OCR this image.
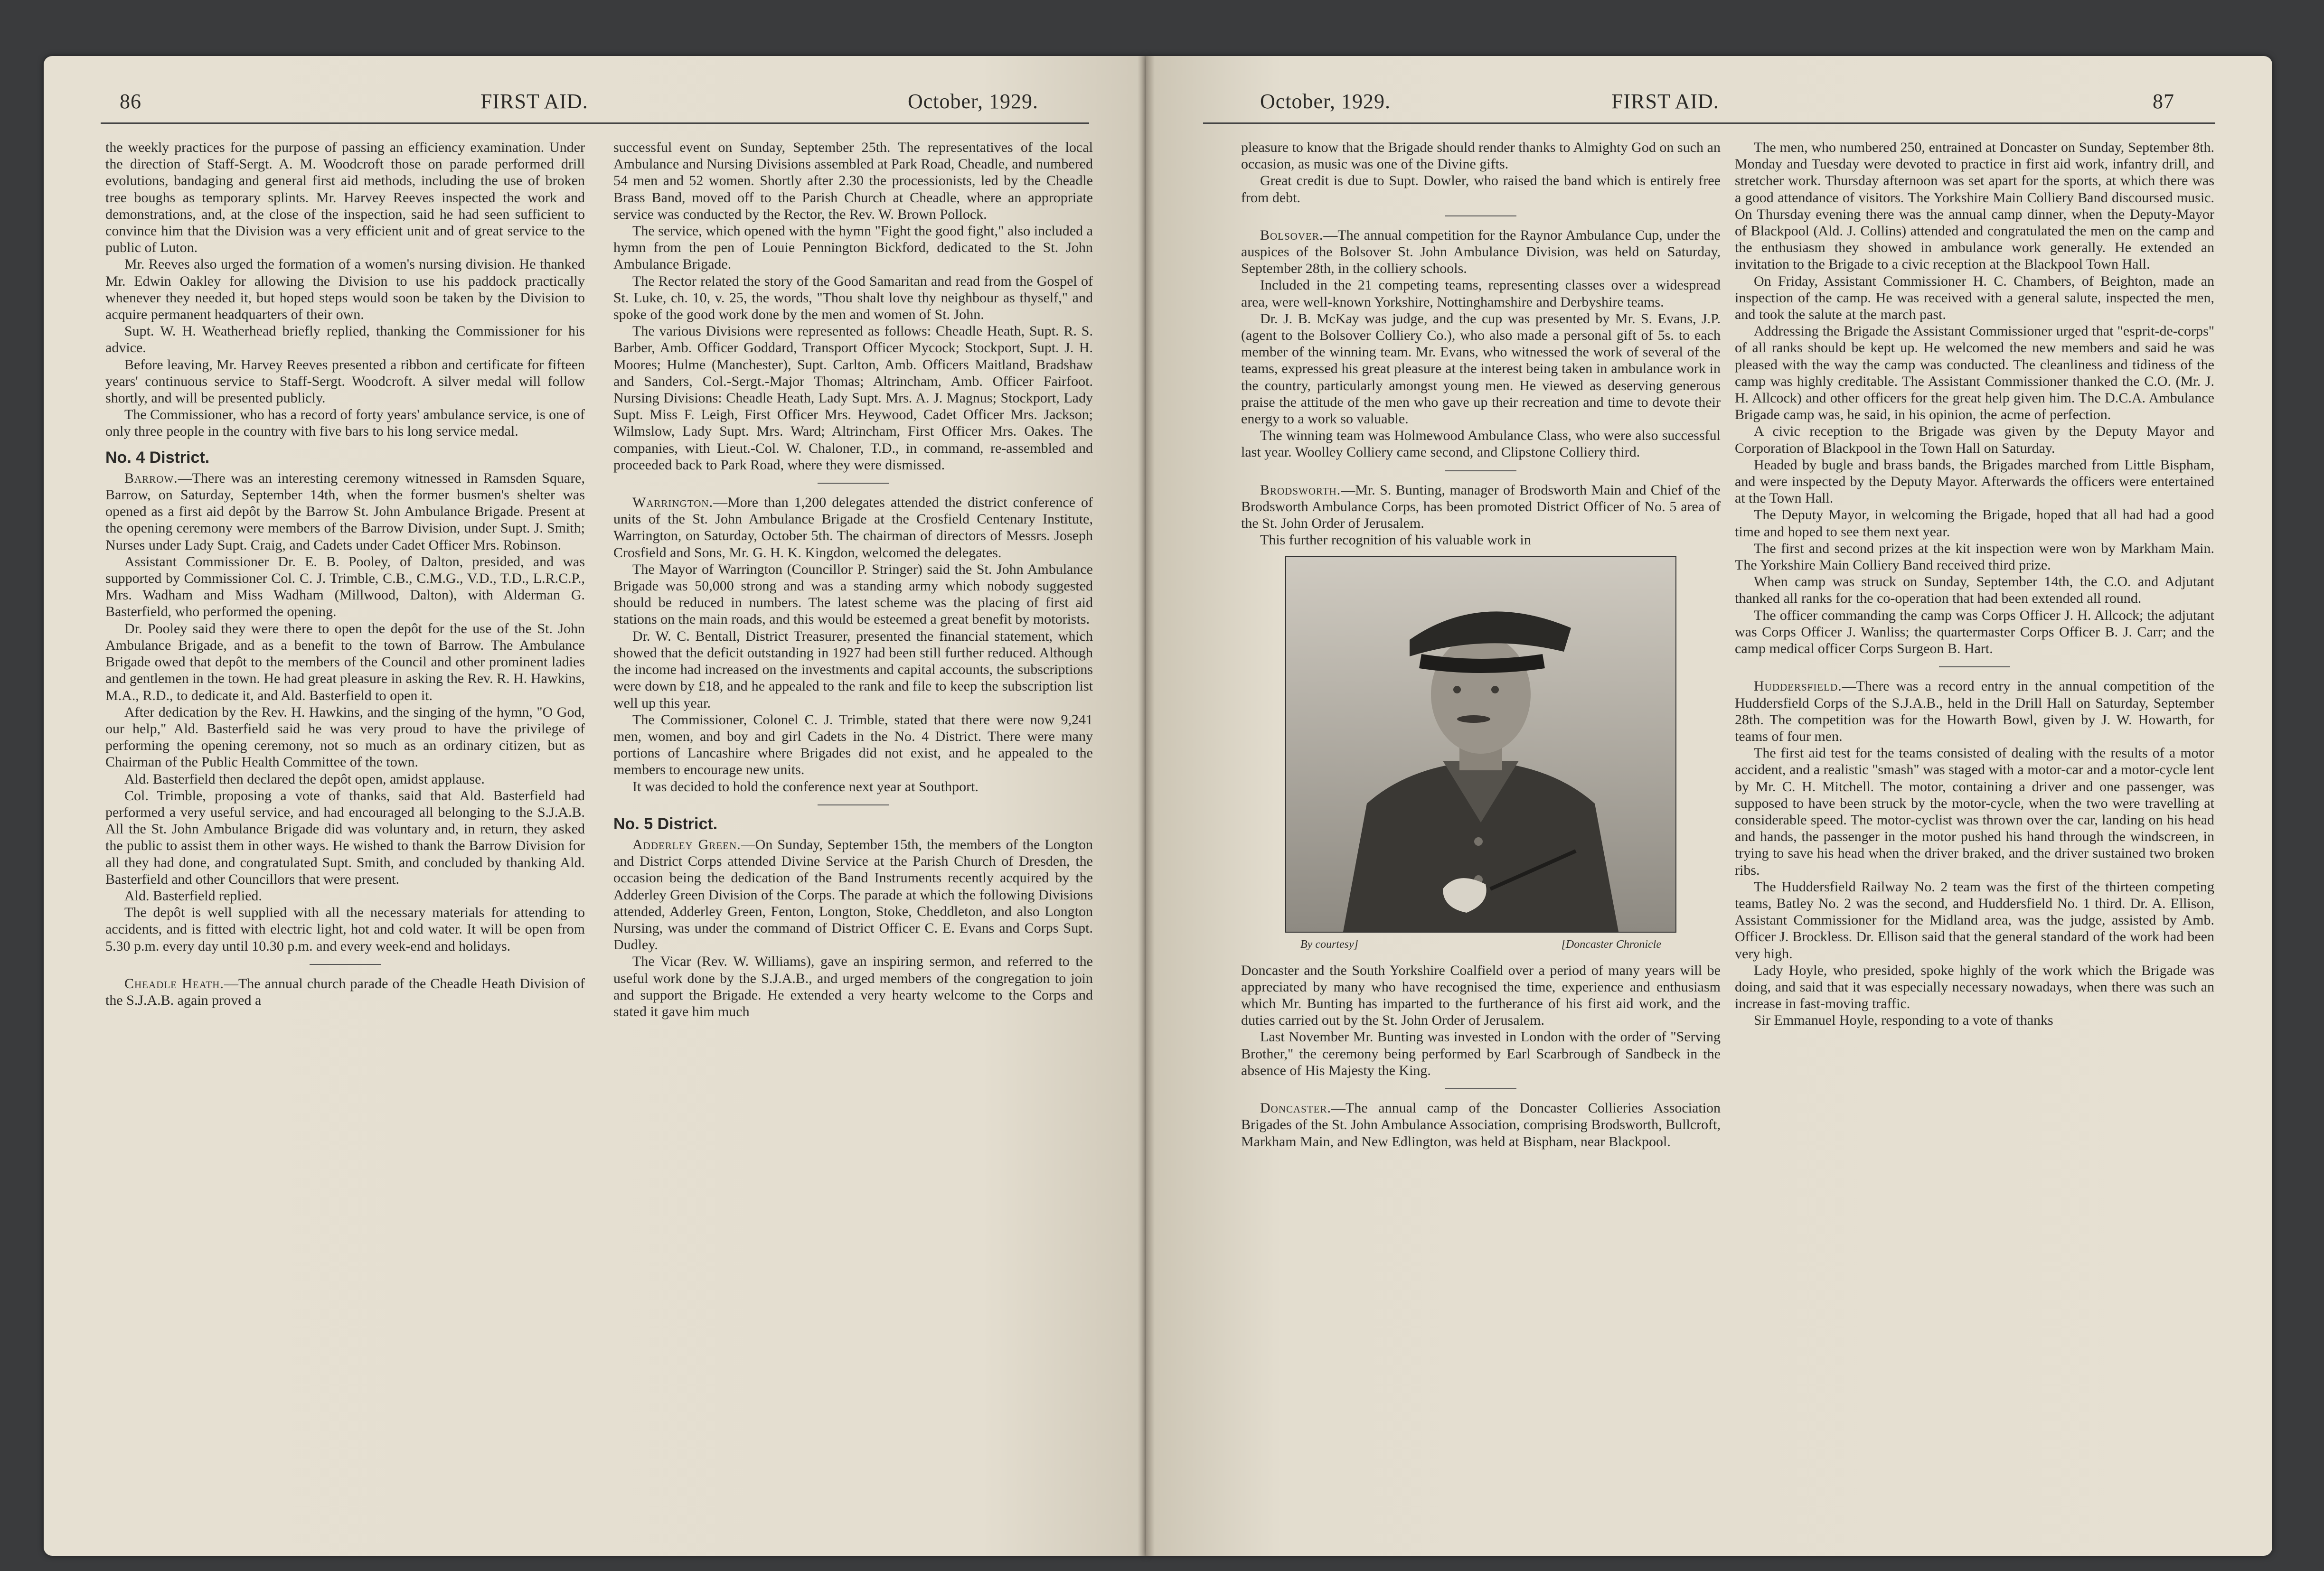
86	FIRST AID.	October, 1929.

the weekly practices for the purpose of passing an efficiency examination. Under the direction of Staff-Sergt. A. M. Woodcroft those on parade performed drill evolutions, bandaging and general first aid methods, including the use of broken tree boughs as temporary splints. Mr. Harvey Reeves inspected the work and demonstrations, and, at the close of the inspection, said he had seen sufficient to convince him that the Division was a very efficient unit and of great service to the public of Luton.

Mr. Reeves also urged the formation of a women's nursing division. He thanked Mr. Edwin Oakley for allowing the Division to use his paddock practically whenever they needed it, but hoped steps would soon be taken by the Division to acquire permanent headquarters of their own.

Supt. W. H. Weatherhead briefly replied, thanking the Commissioner for his advice.

Before leaving, Mr. Harvey Reeves presented a ribbon and certificate for fifteen years' continuous service to Staff-Sergt. Woodcroft. A silver medal will follow shortly, and will be presented publicly.

The Commissioner, who has a record of forty years' ambulance service, is one of only three people in the country with five bars to his long service medal.

No. 4 District.

Barrow.—There was an interesting ceremony witnessed in Ramsden Square, Barrow, on Saturday, September 14th, when the former busmen's shelter was opened as a first aid depôt by the Barrow St. John Ambulance Brigade. Present at the opening ceremony were members of the Barrow Division, under Supt. J. Smith; Nurses under Lady Supt. Craig, and Cadets under Cadet Officer Mrs. Robinson.

Assistant Commissioner Dr. E. B. Pooley, of Dalton, presided, and was supported by Commissioner Col. C. J. Trimble, C.B., C.M.G., V.D., T.D., L.R.C.P., Mrs. Wadham and Miss Wadham (Millwood, Dalton), with Alderman G. Basterfield, who performed the opening.

Dr. Pooley said they were there to open the depôt for the use of the St. John Ambulance Brigade, and as a benefit to the town of Barrow. The Ambulance Brigade owed that depôt to the members of the Council and other prominent ladies and gentlemen in the town. He had great pleasure in asking the Rev. R. H. Hawkins, M.A., R.D., to dedicate it, and Ald. Basterfield to open it.

After dedication by the Rev. H. Hawkins, and the singing of the hymn, "O God, our help," Ald. Basterfield said he was very proud to have the privilege of performing the opening ceremony, not so much as an ordinary citizen, but as Chairman of the Public Health Committee of the town.

Ald. Basterfield then declared the depôt open, amidst applause.

Col. Trimble, proposing a vote of thanks, said that Ald. Basterfield had performed a very useful service, and had encouraged all belonging to the S.J.A.B. All the St. John Ambulance Brigade did was voluntary and, in return, they asked the public to assist them in other ways. He wished to thank the Barrow Division for all they had done, and congratulated Supt. Smith, and concluded by thanking Ald. Basterfield and other Councillors that were present.

Ald. Basterfield replied.

The depôt is well supplied with all the necessary materials for attending to accidents, and is fitted with electric light, hot and cold water. It will be open from 5.30 p.m. every day until 10.30 p.m. and every week-end and holidays.

Cheadle Heath.—The annual church parade of the Cheadle Heath Division of the S.J.A.B. again proved a

successful event on Sunday, September 25th. The representatives of the local Ambulance and Nursing Divisions assembled at Park Road, Cheadle, and numbered 54 men and 52 women. Shortly after 2.30 the processionists, led by the Cheadle Brass Band, moved off to the Parish Church at Cheadle, where an appropriate service was conducted by the Rector, the Rev. W. Brown Pollock.

The service, which opened with the hymn "Fight the good fight," also included a hymn from the pen of Louie Pennington Bickford, dedicated to the St. John Ambulance Brigade.

The Rector related the story of the Good Samaritan and read from the Gospel of St. Luke, ch. 10, v. 25, the words, "Thou shalt love thy neighbour as thyself," and spoke of the good work done by the men and women of St. John.

The various Divisions were represented as follows: Cheadle Heath, Supt. R. S. Barber, Amb. Officer Goddard, Transport Officer Mycock; Stockport, Supt. J. H. Moores; Hulme (Manchester), Supt. Carlton, Amb. Officers Maitland, Bradshaw and Sanders, Col.-Sergt.-Major Thomas; Altrincham, Amb. Officer Fairfoot. Nursing Divisions: Cheadle Heath, Lady Supt. Mrs. A. J. Magnus; Stockport, Lady Supt. Miss F. Leigh, First Officer Mrs. Heywood, Cadet Officer Mrs. Jackson; Wilmslow, Lady Supt. Mrs. Ward; Altrincham, First Officer Mrs. Oakes. The companies, with Lieut.-Col. W. Chaloner, T.D., in command, re-assembled and proceeded back to Park Road, where they were dismissed.

Warrington.—More than 1,200 delegates attended the district conference of units of the St. John Ambulance Brigade at the Crosfield Centenary Institute, Warrington, on Saturday, October 5th. The chairman of directors of Messrs. Joseph Crosfield and Sons, Mr. G. H. K. Kingdon, welcomed the delegates.

The Mayor of Warrington (Councillor P. Stringer) said the St. John Ambulance Brigade was 50,000 strong and was a standing army which nobody suggested should be reduced in numbers. The latest scheme was the placing of first aid stations on the main roads, and this would be esteemed a great benefit by motorists.

Dr. W. C. Bentall, District Treasurer, presented the financial statement, which showed that the deficit outstanding in 1927 had been still further reduced. Although the income had increased on the investments and capital accounts, the subscriptions were down by £18, and he appealed to the rank and file to keep the subscription list well up this year.

The Commissioner, Colonel C. J. Trimble, stated that there were now 9,241 men, women, and boy and girl Cadets in the No. 4 District. There were many portions of Lancashire where Brigades did not exist, and he appealed to the members to encourage new units.

It was decided to hold the conference next year at Southport.

No. 5 District.

Adderley Green.—On Sunday, September 15th, the members of the Longton and District Corps attended Divine Service at the Parish Church of Dresden, the occasion being the dedication of the Band Instruments recently acquired by the Adderley Green Division of the Corps. The parade at which the following Divisions attended, Adderley Green, Fenton, Longton, Stoke, Cheddleton, and also Longton Nursing, was under the command of District Officer C. E. Evans and Corps Supt. Dudley.

The Vicar (Rev. W. Williams), gave an inspiring sermon, and referred to the useful work done by the S.J.A.B., and urged members of the congregation to join and support the Brigade. He extended a very hearty welcome to the Corps and stated it gave him much

October, 1929.	FIRST AID.	87

pleasure to know that the Brigade should render thanks to Almighty God on such an occasion, as music was one of the Divine gifts.

Great credit is due to Supt. Dowler, who raised the band which is entirely free from debt.

Bolsover.—The annual competition for the Raynor Ambulance Cup, under the auspices of the Bolsover St. John Ambulance Division, was held on Saturday, September 28th, in the colliery schools.

Included in the 21 competing teams, representing classes over a widespread area, were well-known Yorkshire, Nottinghamshire and Derbyshire teams.

Dr. J. B. McKay was judge, and the cup was presented by Mr. S. Evans, J.P. (agent to the Bolsover Colliery Co.), who also made a personal gift of 5s. to each member of the winning team. Mr. Evans, who witnessed the work of several of the teams, expressed his great pleasure at the interest being taken in ambulance work in the country, particularly amongst young men. He viewed as deserving generous praise the attitude of the men who gave up their recreation and time to devote their energy to a work so valuable.

The winning team was Holmewood Ambulance Class, who were also successful last year. Woolley Colliery came second, and Clipstone Colliery third.

Brodsworth.—Mr. S. Bunting, manager of Brodsworth Main and Chief of the Brodsworth Ambulance Corps, has been promoted District Officer of No. 5 area of the St. John Order of Jerusalem.

This further recognition of his valuable work in

By courtesy]	[Doncaster Chronicle

Doncaster and the South Yorkshire Coalfield over a period of many years will be appreciated by many who have recognised the time, experience and enthusiasm which Mr. Bunting has imparted to the furtherance of his first aid work, and the duties carried out by the St. John Order of Jerusalem.

Last November Mr. Bunting was invested in London with the order of "Serving Brother," the ceremony being performed by Earl Scarbrough of Sandbeck in the absence of His Majesty the King.

Doncaster.—The annual camp of the Doncaster Collieries Association Brigades of the St. John Ambulance Association, comprising Brodsworth, Bullcroft, Markham Main, and New Edlington, was held at Bispham, near Blackpool.

The men, who numbered 250, entrained at Doncaster on Sunday, September 8th. Monday and Tuesday were devoted to practice in first aid work, infantry drill, and stretcher work. Thursday afternoon was set apart for the sports, at which there was a good attendance of visitors. The Yorkshire Main Colliery Band discoursed music. On Thursday evening there was the annual camp dinner, when the Deputy-Mayor of Blackpool (Ald. J. Collins) attended and congratulated the men on the camp and the enthusiasm they showed in ambulance work generally. He extended an invitation to the Brigade to a civic reception at the Blackpool Town Hall.

On Friday, Assistant Commissioner H. C. Chambers, of Beighton, made an inspection of the camp. He was received with a general salute, inspected the men, and took the salute at the march past.

Addressing the Brigade the Assistant Commissioner urged that "esprit-de-corps" of all ranks should be kept up. He welcomed the new members and said he was pleased with the way the camp was conducted. The cleanliness and tidiness of the camp was highly creditable. The Assistant Commissioner thanked the C.O. (Mr. J. H. Allcock) and other officers for the great help given him. The D.C.A. Ambulance Brigade camp was, he said, in his opinion, the acme of perfection.

A civic reception to the Brigade was given by the Deputy Mayor and Corporation of Blackpool in the Town Hall on Saturday.

Headed by bugle and brass bands, the Brigades marched from Little Bispham, and were inspected by the Deputy Mayor. Afterwards the officers were entertained at the Town Hall.

The Deputy Mayor, in welcoming the Brigade, hoped that all had had a good time and hoped to see them next year.

The first and second prizes at the kit inspection were won by Markham Main. The Yorkshire Main Colliery Band received third prize.

When camp was struck on Sunday, September 14th, the C.O. and Adjutant thanked all ranks for the co-operation that had been extended all round.

The officer commanding the camp was Corps Officer J. H. Allcock; the adjutant was Corps Officer J. Wanliss; the quartermaster Corps Officer B. J. Carr; and the camp medical officer Corps Surgeon B. Hart.

Huddersfield.—There was a record entry in the annual competition of the Huddersfield Corps of the S.J.A.B., held in the Drill Hall on Saturday, September 28th. The competition was for the Howarth Bowl, given by J. W. Howarth, for teams of four men.

The first aid test for the teams consisted of dealing with the results of a motor accident, and a realistic "smash" was staged with a motor-car and a motor-cycle lent by Mr. C. H. Mitchell. The motor, containing a driver and one passenger, was supposed to have been struck by the motor-cycle, when the two were travelling at considerable speed. The motor-cyclist was thrown over the car, landing on his head and hands, the passenger in the motor pushed his hand through the windscreen, in trying to save his head when the driver braked, and the driver sustained two broken ribs.

The Huddersfield Railway No. 2 team was the first of the thirteen competing teams, Batley No. 2 was the second, and Huddersfield No. 1 third. Dr. A. Ellison, Assistant Commissioner for the Midland area, was the judge, assisted by Amb. Officer J. Brockless. Dr. Ellison said that the general standard of the work had been very high.

Lady Hoyle, who presided, spoke highly of the work which the Brigade was doing, and said that it was especially necessary nowadays, when there was such an increase in fast-moving traffic.

Sir Emmanuel Hoyle, responding to a vote of thanks
